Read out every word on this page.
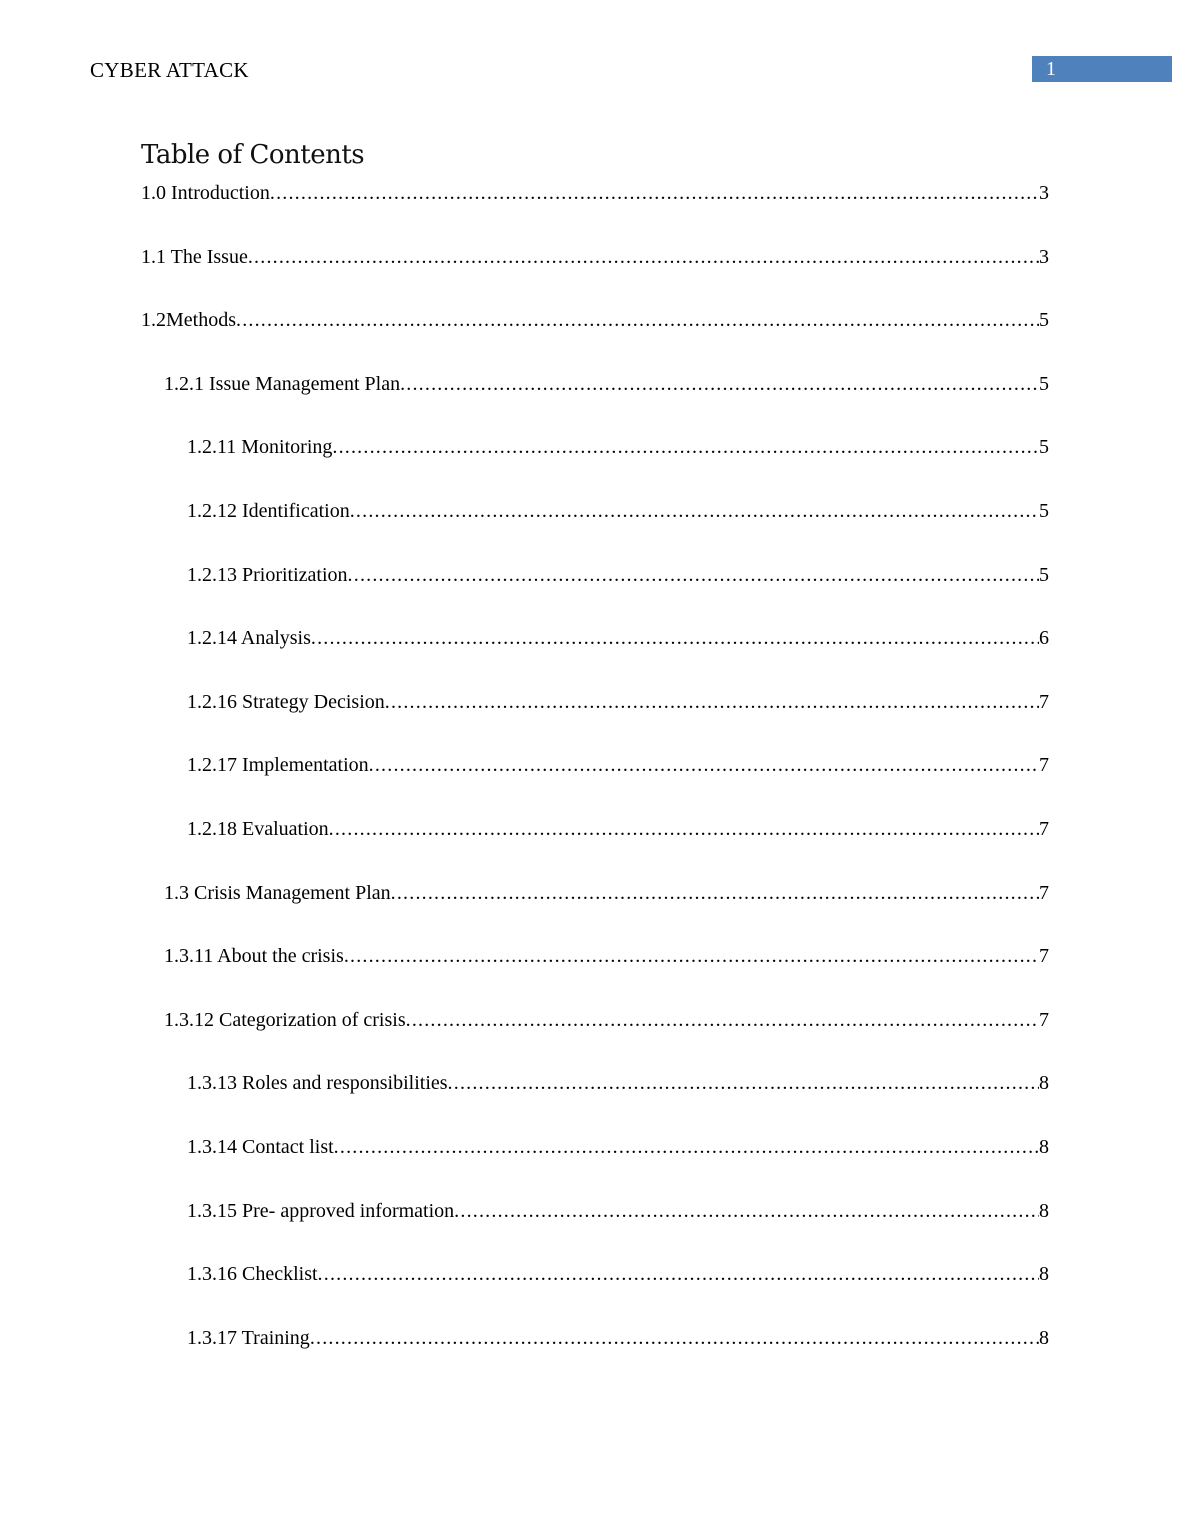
CYBER ATTACK	1
Table of Contents
1.0 Introduction .....	3
1.1 The Issue .....	3
1.2Methods .....	5
1.2.1 Issue Management Plan .....	5
1.2.11 Monitoring .....	5
1.2.12 Identification .....	5
1.2.13 Prioritization .....	5
1.2.14 Analysis .....	6
1.2.16 Strategy Decision .....	7
1.2.17 Implementation .....	7
1.2.18 Evaluation .....	7
1.3 Crisis Management Plan .....	7
1.3.11 About the crisis .....	7
1.3.12 Categorization of crisis .....	7
1.3.13 Roles and responsibilities .....	8
1.3.14 Contact list .....	8
1.3.15 Pre- approved information .....	8
1.3.16 Checklist .....	8
1.3.17 Training .....	8
